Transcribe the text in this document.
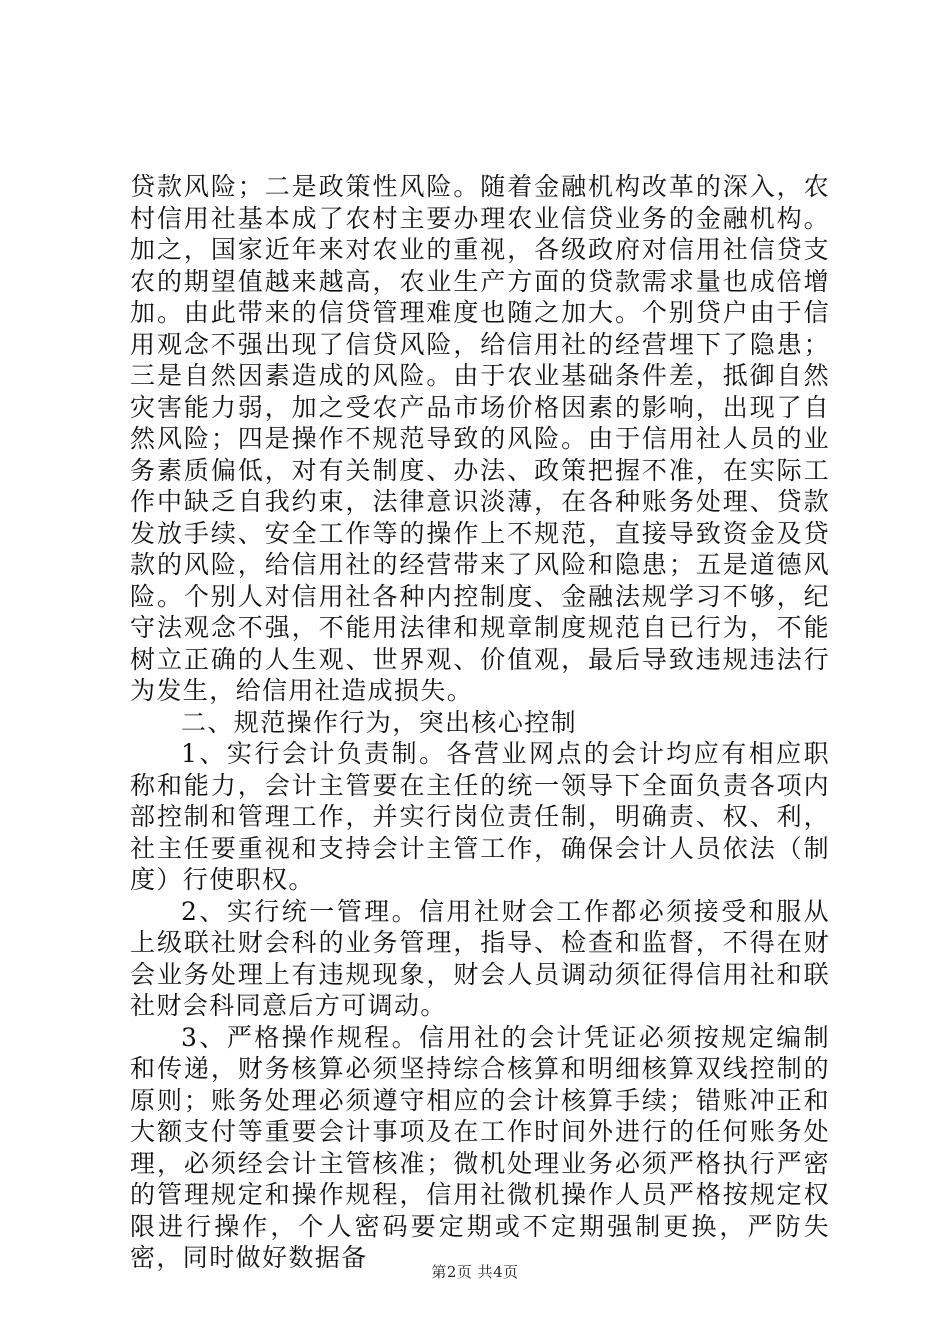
贷款风险；二是政策性风险。随着金融机构改革的深入，农村信用社基本成了农村主要办理农业信贷业务的金融机构。加之，国家近年来对农业的重视，各级政府对信用社信贷支农的期望值越来越高，农业生产方面的贷款需求量也成倍增加。由此带来的信贷管理难度也随之加大。个别贷户由于信用观念不强出现了信贷风险，给信用社的经营埋下了隐患；三是自然因素造成的风险。由于农业基础条件差，抵御自然灾害能力弱，加之受农产品市场价格因素的影响，出现了自然风险；四是操作不规范导致的风险。由于信用社人员的业务素质偏低，对有关制度、办法、政策把握不准，在实际工作中缺乏自我约束，法律意识淡薄，在各种账务处理、贷款发放手续、安全工作等的操作上不规范，直接导致资金及贷款的风险，给信用社的经营带来了风险和隐患；五是道德风险。个别人对信用社各种内控制度、金融法规学习不够，纪守法观念不强，不能用法律和规章制度规范自已行为，不能树立正确的人生观、世界观、价值观，最后导致违规违法行为发生，给信用社造成损失。

二、规范操作行为，突出核心控制

1、实行会计负责制。各营业网点的会计均应有相应职称和能力，会计主管要在主任的统一领导下全面负责各项内部控制和管理工作，并实行岗位责任制，明确责、权、利，社主任要重视和支持会计主管工作，确保会计人员依法（制度）行使职权。

2、实行统一管理。信用社财会工作都必须接受和服从上级联社财会科的业务管理，指导、检查和监督，不得在财会业务处理上有违规现象，财会人员调动须征得信用社和联社财会科同意后方可调动。

3、严格操作规程。信用社的会计凭证必须按规定编制和传递，财务核算必须坚持综合核算和明细核算双线控制的原则；账务处理必须遵守相应的会计核算手续；错账冲正和大额支付等重要会计事项及在工作时间外进行的任何账务处理，必须经会计主管核准；微机处理业务必须严格执行严密的管理规定和操作规程，信用社微机操作人员严格按规定权限进行操作，个人密码要定期或不定期强制更换，严防失密，同时做好数据备	第2页 共4页
